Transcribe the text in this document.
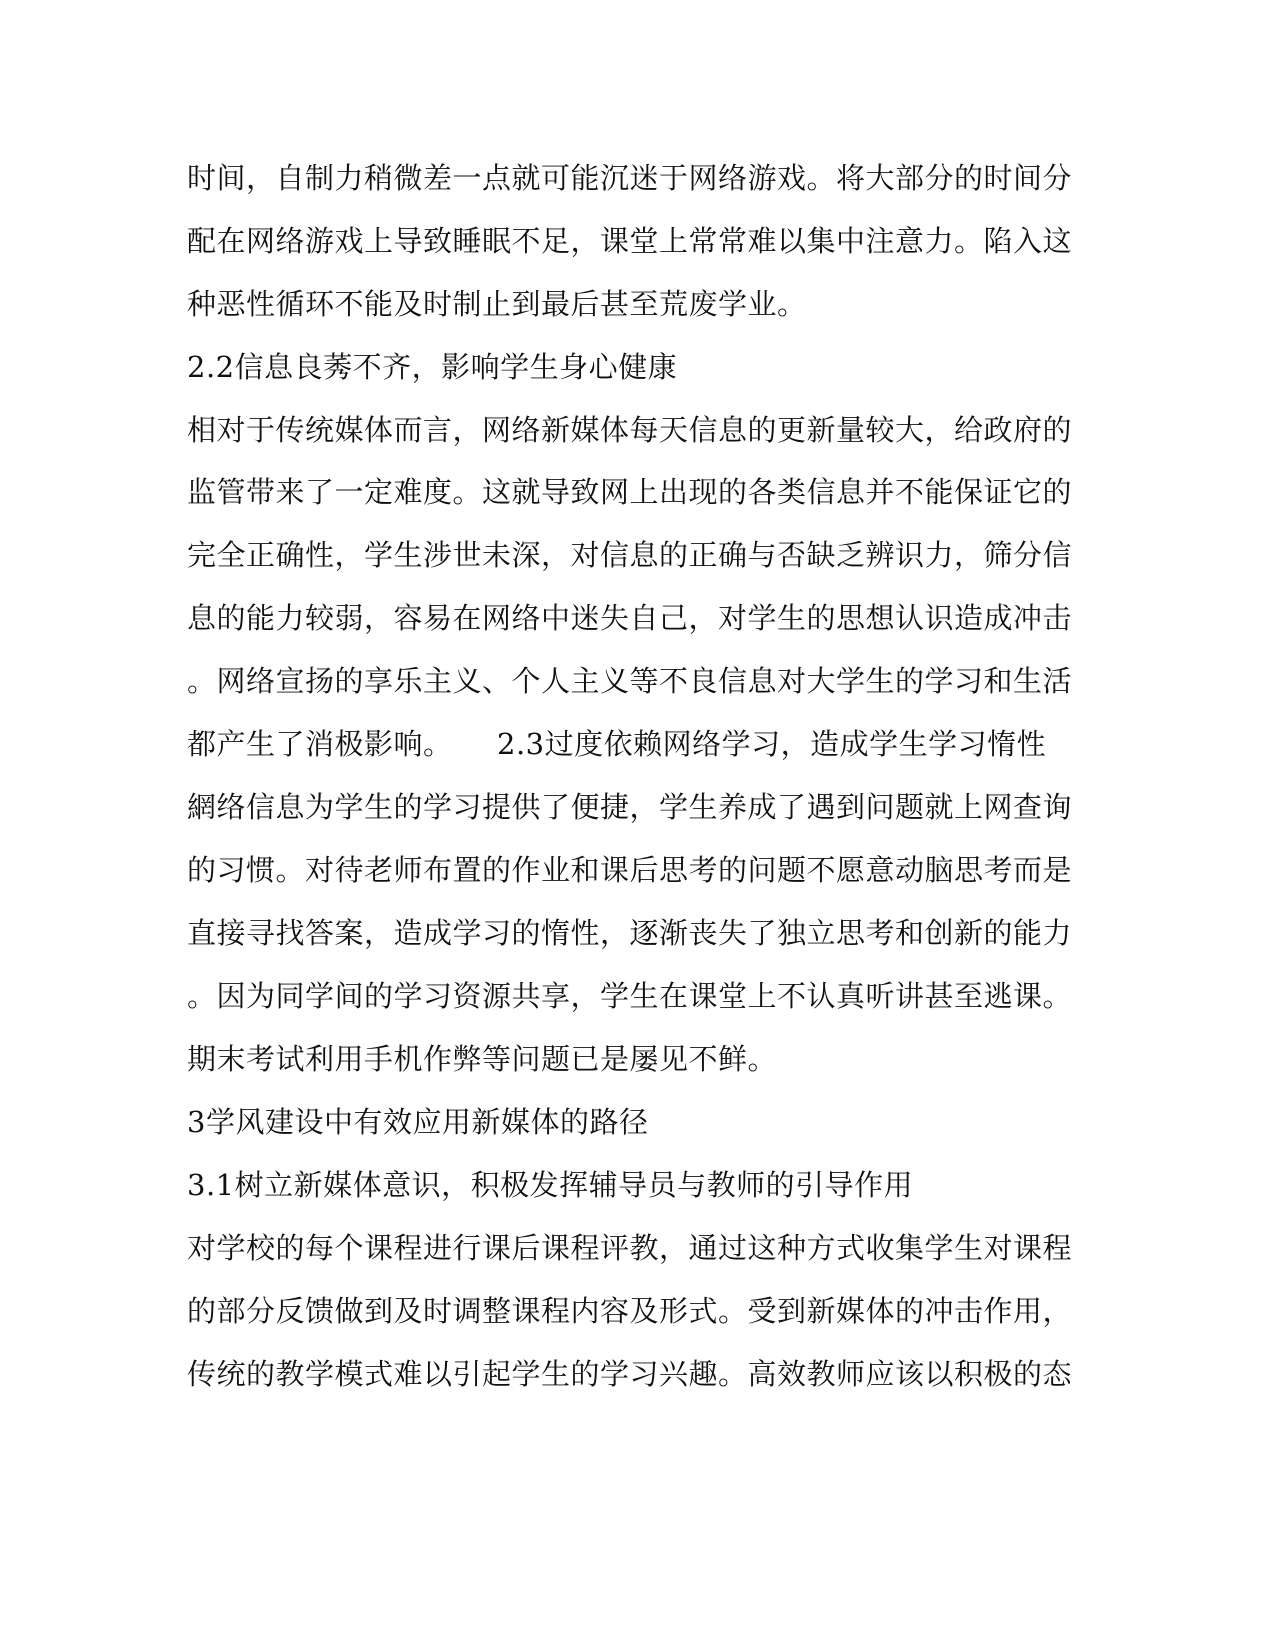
时间，自制力稍微差一点就可能沉迷于网络游戏。将大部分的时间分
配在网络游戏上导致睡眠不足，课堂上常常难以集中注意力。陷入这
种恶性循环不能及时制止到最后甚至荒废学业。
2.2信息良莠不齐，影响学生身心健康
相对于传统媒体而言，网络新媒体每天信息的更新量较大，给政府的
监管带来了一定难度。这就导致网上出现的各类信息并不能保证它的
完全正确性，学生涉世未深，对信息的正确与否缺乏辨识力，筛分信
息的能力较弱，容易在网络中迷失自己，对学生的思想认识造成冲击
。网络宣扬的享乐主义、个人主义等不良信息对大学生的学习和生活
都产生了消极影响。　　2.3过度依赖网络学习，造成学生学习惰性
網络信息为学生的学习提供了便捷，学生养成了遇到问题就上网查询
的习惯。对待老师布置的作业和课后思考的问题不愿意动脑思考而是
直接寻找答案，造成学习的惰性，逐渐丧失了独立思考和创新的能力
。因为同学间的学习资源共享，学生在课堂上不认真听讲甚至逃课。
期末考试利用手机作弊等问题已是屡见不鲜。
3学风建设中有效应用新媒体的路径
3.1树立新媒体意识，积极发挥辅导员与教师的引导作用
对学校的每个课程进行课后课程评教，通过这种方式收集学生对课程
的部分反馈做到及时调整课程内容及形式。受到新媒体的冲击作用，
传统的教学模式难以引起学生的学习兴趣。高效教师应该以积极的态
